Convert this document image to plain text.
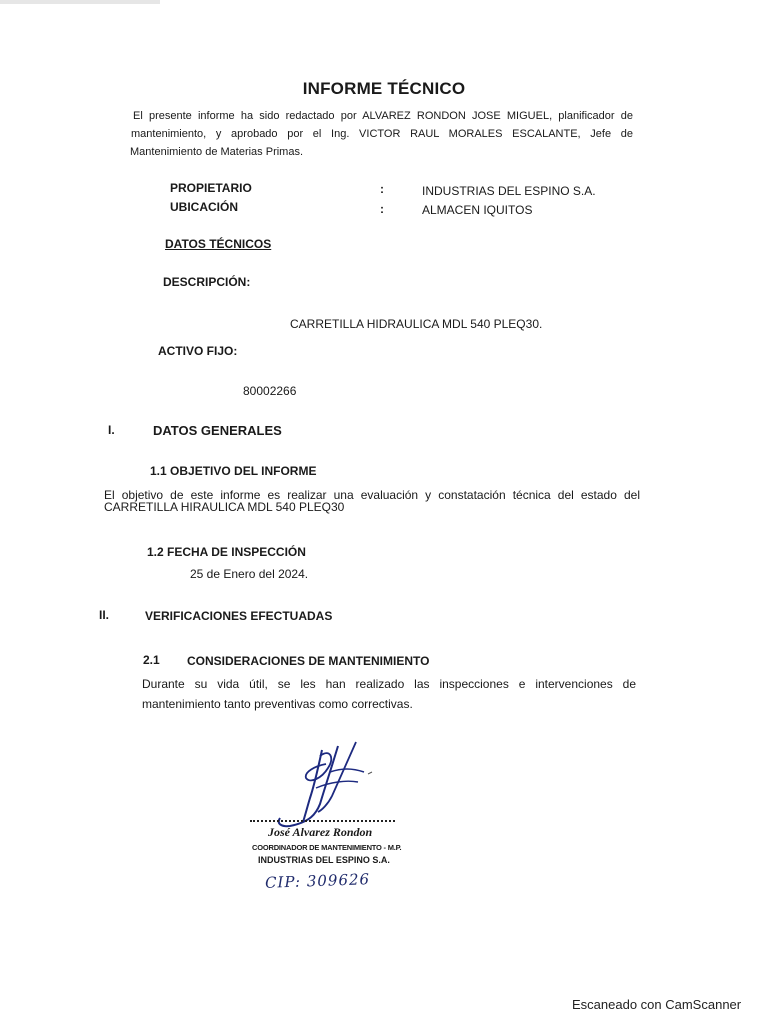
INFORME TÉCNICO
El presente informe ha sido redactado por ALVAREZ RONDON JOSE MIGUEL, planificador de
mantenimiento, y aprobado por el Ing. VICTOR RAUL MORALES ESCALANTE, Jefe de
Mantenimiento de Materias Primas.
PROPIETARIO	:	INDUSTRIAS DEL ESPINO S.A.
UBICACIÓN	:	ALMACEN IQUITOS
DATOS TÉCNICOS
DESCRIPCIÓN:
CARRETILLA HIDRAULICA MDL 540 PLEQ30.
ACTIVO FIJO:
80002266
I.	DATOS GENERALES
1.1 OBJETIVO DEL INFORME
El objetivo de este informe es realizar una evaluación y constatación técnica del estado del
CARRETILLA HIRAULICA MDL 540 PLEQ30
1.2 FECHA DE INSPECCIÓN
25 de Enero del 2024.
II.	VERIFICACIONES EFECTUADAS
2.1 CONSIDERACIONES DE MANTENIMIENTO
Durante su vida útil, se les han realizado las inspecciones e intervenciones de
mantenimiento tanto preventivas como correctivas.
José Alvarez Rondon
COORDINADOR DE MANTENIMIENTO - M.P.
INDUSTRIAS DEL ESPINO S.A.
CIP: 309626
Escaneado con CamScanner
